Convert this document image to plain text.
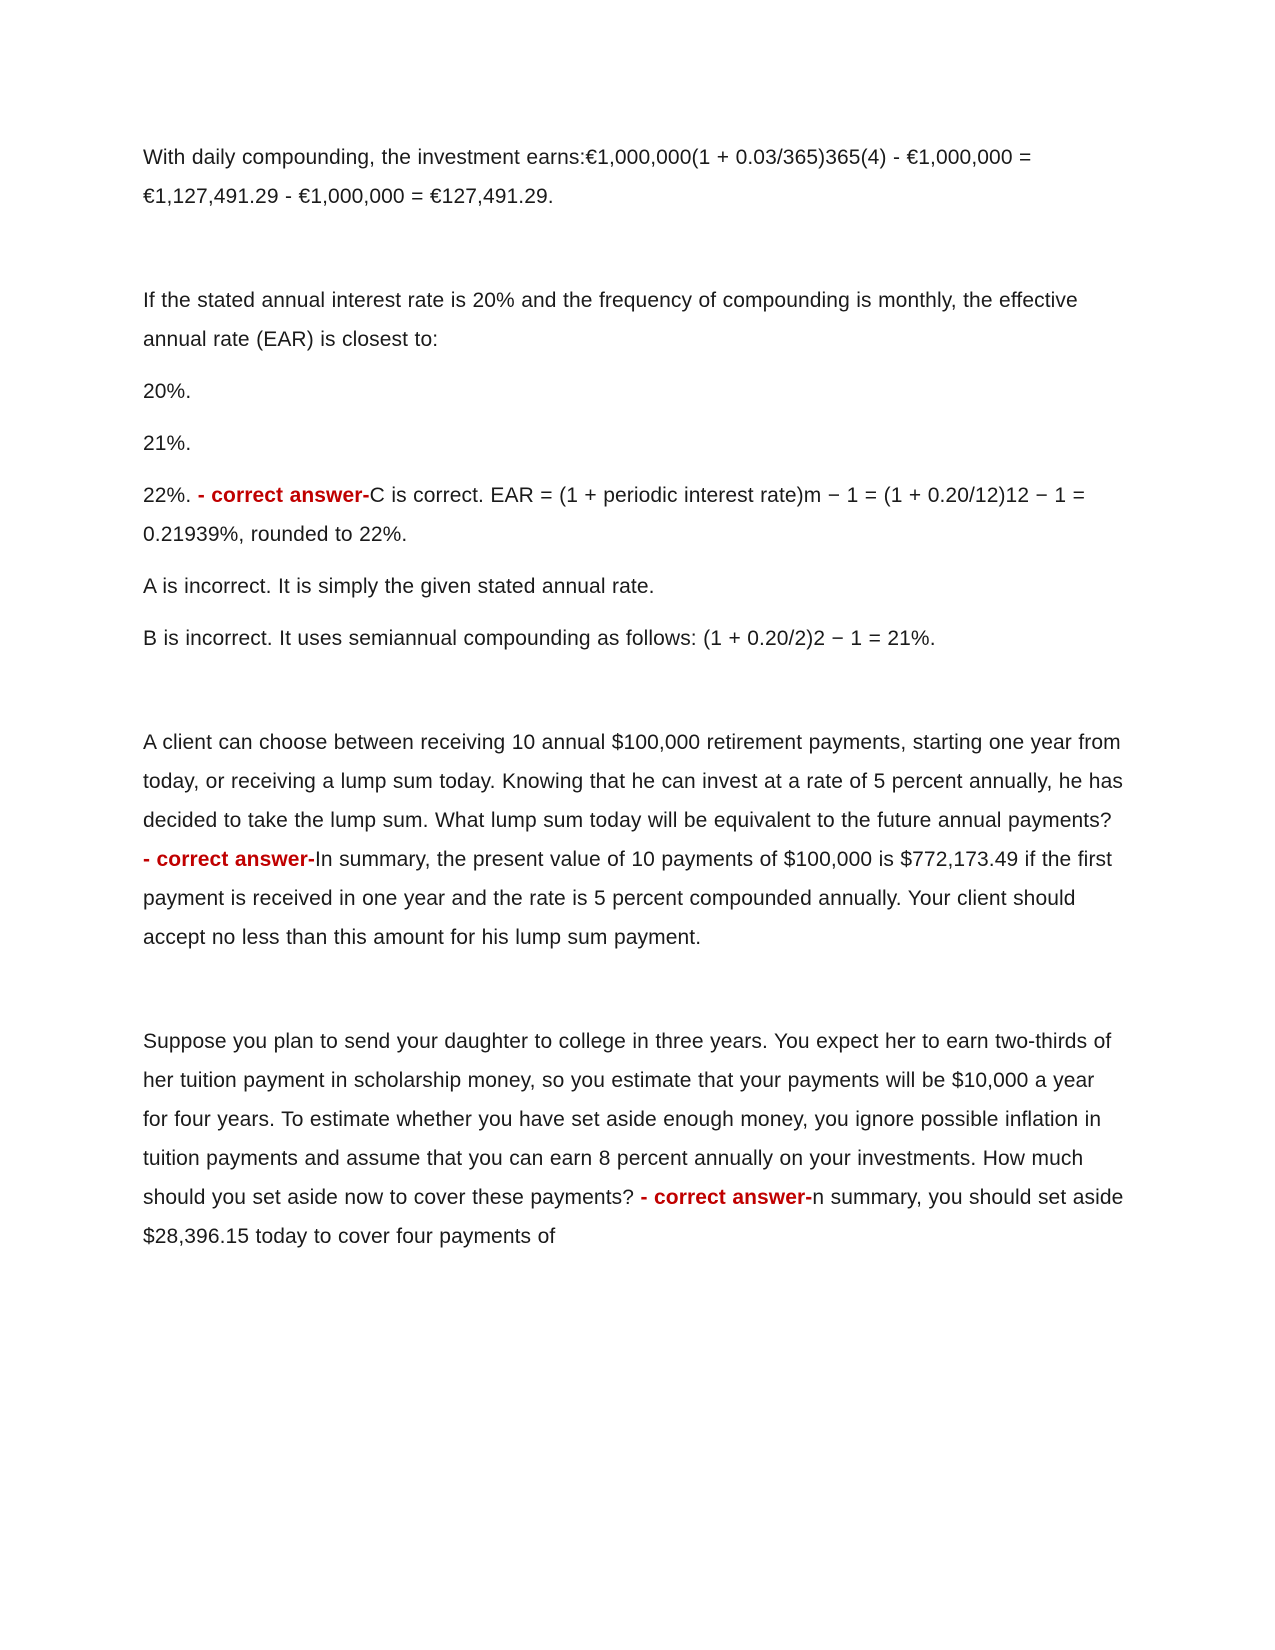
With daily compounding, the investment earns:€1,000,000(1 + 0.03/365)365(4) - €1,000,000 = €1,127,491.29 - €1,000,000 = €127,491.29.

If the stated annual interest rate is 20% and the frequency of compounding is monthly, the effective annual rate (EAR) is closest to:

20%.

21%.

22%. - correct answer-C is correct. EAR = (1 + periodic interest rate)m − 1 = (1 + 0.20/12)12 − 1 = 0.21939%, rounded to 22%.

A is incorrect. It is simply the given stated annual rate.

B is incorrect. It uses semiannual compounding as follows: (1 + 0.20/2)2 − 1 = 21%.

A client can choose between receiving 10 annual $100,000 retirement payments, starting one year from today, or receiving a lump sum today. Knowing that he can invest at a rate of 5 percent annually, he has decided to take the lump sum. What lump sum today will be equivalent to the future annual payments? - correct answer-In summary, the present value of 10 payments of $100,000 is $772,173.49 if the first payment is received in one year and the rate is 5 percent compounded annually. Your client should accept no less than this amount for his lump sum payment.

Suppose you plan to send your daughter to college in three years. You expect her to earn two-thirds of her tuition payment in scholarship money, so you estimate that your payments will be $10,000 a year for four years. To estimate whether you have set aside enough money, you ignore possible inflation in tuition payments and assume that you can earn 8 percent annually on your investments. How much should you set aside now to cover these payments? - correct answer-n summary, you should set aside $28,396.15 today to cover four payments of
